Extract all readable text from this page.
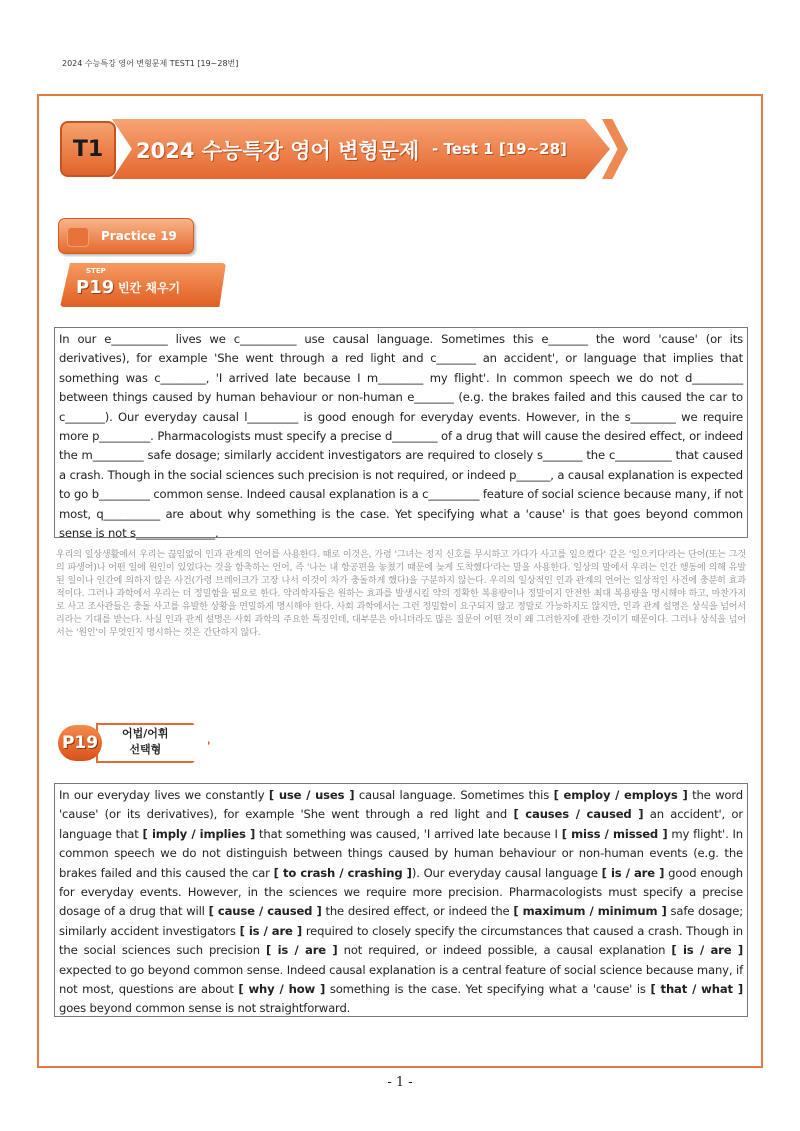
2024 수능특강 영어 변형문제 TEST1 [19~28번]
T1	2024 수능특강 영어 변형문제 - Test 1 [19~28]
Practice 19
STEP
P19 빈칸 채우기
In our e__________ lives we c__________ use causal language. Sometimes this e_______ the word 'cause' (or its derivatives), for example 'She went through a red light and c_______ an accident', or language that implies that something was c________, 'I arrived late because I m________ my flight'. In common speech we do not d_________ between things caused by human behaviour or non-human e_______ (e.g. the brakes failed and this caused the car to c_______). Our everyday causal l_________ is good enough for everyday events. However, in the s________ we require more p_________. Pharmacologists must specify a precise d________ of a drug that will cause the desired effect, or indeed the m_________ safe dosage; similarly accident investigators are required to closely s_______ the c__________ that caused a crash. Though in the social sciences such precision is not required, or indeed p______, a causal explanation is expected to go b_________ common sense. Indeed causal explanation is a c_________ feature of social science because many, if not most, q__________ are about why something is the case. Yet specifying what a 'cause' is that goes beyond common sense is not s______________.
우리의 일상생활에서 우리는 끊임없이 인과 관계의 언어를 사용한다. 때로 이것은, 가령 '그녀는 정지 신호를 무시하고 가다가 사고를 일으켰다' 같은 '일으키다'라는 단어(또는 그것의 파생어)나 어떤 일에 원인이 있었다는 것을 함축하는 언어, 즉 '나는 내 항공편을 놓쳤기 때문에 늦게 도착했다'라는 말을 사용한다. 일상의 말에서 우리는 인간 행동에 의해 유발된 일이나 인간에 의하지 않은 사건(가령 브레이크가 고장 나서 이것이 차가 충돌하게 했다)을 구분하지 않는다. 우리의 일상적인 인과 관계의 언어는 일상적인 사건에 충분히 효과적이다. 그러나 과학에서 우리는 더 정밀함을 필요로 한다. 약리학자들은 원하는 효과를 발생시킬 약의 정확한 복용량이나 정말이지 안전한 최대 복용량을 명시해야 하고, 마찬가지로 사고 조사관들은 충돌 사고를 유발한 상황을 면밀하게 명시해야 한다. 사회 과학에서는 그런 정밀함이 요구되지 않고 정말로 가능하지도 않지만, 인과 관계 설명은 상식을 넘어서리라는 기대를 받는다. 사실 인과 관계 설명은 사회 과학의 주요한 특징인데, 대부분은 아니더라도 많은 질문이 어떤 것이 왜 그러한지에 관한 것이기 때문이다. 그러나 상식을 넘어서는 '원인'이 무엇인지 명시하는 것은 간단하지 않다.
P19	어법/어휘
선택형
In our everyday lives we constantly [ use / uses ] causal language. Sometimes this [ employ / employs ] the word 'cause' (or its derivatives), for example 'She went through a red light and [ causes / caused ] an accident', or language that [ imply / implies ] that something was caused, 'I arrived late because I [ miss / missed ] my flight'. In common speech we do not distinguish between things caused by human behaviour or non-human events (e.g. the brakes failed and this caused the car [ to crash / crashing ]). Our everyday causal language [ is / are ] good enough for everyday events. However, in the sciences we require more precision. Pharmacologists must specify a precise dosage of a drug that will [ cause / caused ] the desired effect, or indeed the [ maximum / minimum ] safe dosage; similarly accident investigators [ is / are ] required to closely specify the circumstances that caused a crash. Though in the social sciences such precision [ is / are ] not required, or indeed possible, a causal explanation [ is / are ] expected to go beyond common sense. Indeed causal explanation is a central feature of social science because many, if not most, questions are about [ why / how ] something is the case. Yet specifying what a 'cause' is [ that / what ] goes beyond common sense is not straightforward.
- 1 -
